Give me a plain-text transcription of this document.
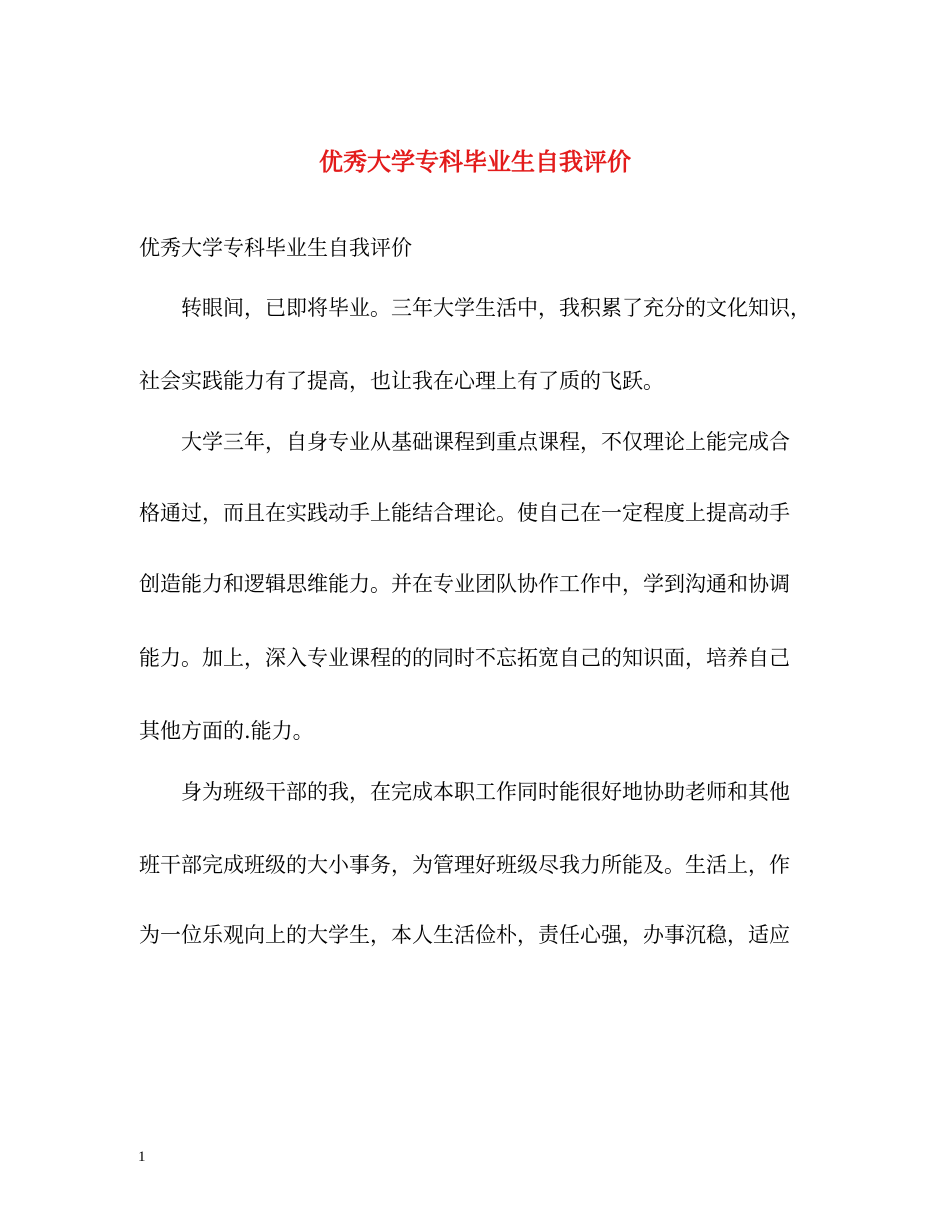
优秀大学专科毕业生自我评价
优秀大学专科毕业生自我评价
转眼间，已即将毕业。三年大学生活中，我积累了充分的文化知识，
社会实践能力有了提高，也让我在心理上有了质的飞跃。
大学三年，自身专业从基础课程到重点课程，不仅理论上能完成合
格通过，而且在实践动手上能结合理论。使自己在一定程度上提高动手
创造能力和逻辑思维能力。并在专业团队协作工作中，学到沟通和协调
能力。加上，深入专业课程的的同时不忘拓宽自己的知识面，培养自己
其他方面的.能力。
身为班级干部的我，在完成本职工作同时能很好地协助老师和其他
班干部完成班级的大小事务，为管理好班级尽我力所能及。生活上，作
为一位乐观向上的大学生，本人生活俭朴，责任心强，办事沉稳，适应
1
